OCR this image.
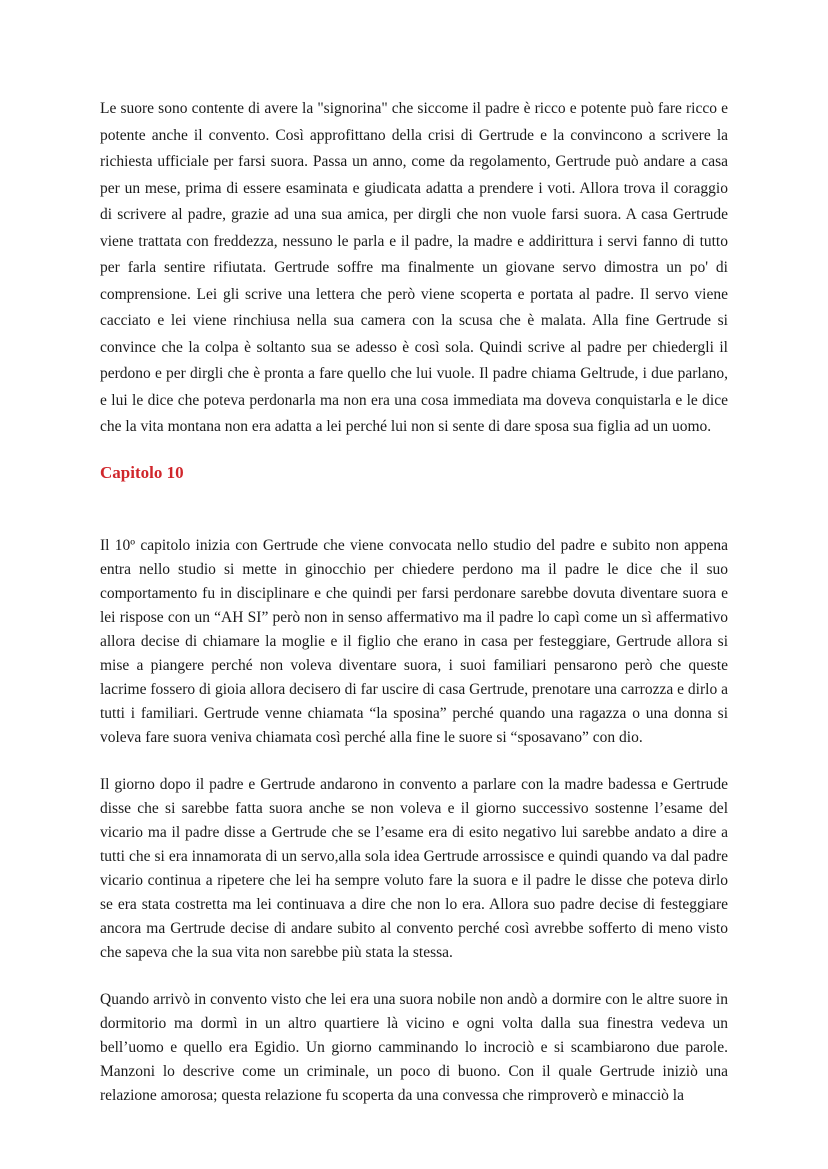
Le suore sono contente di avere la "signorina" che siccome il padre è ricco e potente può fare ricco e potente anche il convento. Così approfittano della crisi di Gertrude e la convincono a scrivere la richiesta ufficiale per farsi suora. Passa un anno, come da regolamento, Gertrude può andare a casa per un mese, prima di essere esaminata e giudicata adatta a prendere i voti. Allora trova il coraggio di scrivere al padre, grazie ad una sua amica, per dirgli che non vuole farsi suora. A casa Gertrude viene trattata con freddezza, nessuno le parla e il padre, la madre e addirittura i servi fanno di tutto per farla sentire rifiutata. Gertrude soffre ma finalmente un giovane servo dimostra un po' di comprensione. Lei gli scrive una lettera che però viene scoperta e portata al padre. Il servo viene cacciato e lei viene rinchiusa nella sua camera con la scusa che è malata. Alla fine Gertrude si convince che la colpa è soltanto sua se adesso è così sola. Quindi scrive al padre per chiedergli il perdono e per dirgli che è pronta a fare quello che lui vuole. Il padre chiama Geltrude, i due parlano, e lui le dice che poteva perdonarla ma non era una cosa immediata ma doveva conquistarla e le dice che la vita montana non era adatta a lei perché lui non si sente di dare sposa sua figlia ad un uomo.

Capitolo 10

Il 10º capitolo inizia con Gertrude che viene convocata nello studio del padre e subito non appena entra nello studio si mette in ginocchio per chiedere perdono ma il padre le dice che il suo comportamento fu in disciplinare e che quindi per farsi perdonare sarebbe dovuta diventare suora e lei rispose con un “AH SI” però non in senso affermativo ma il padre lo capì come un sì affermativo allora decise di chiamare la moglie e il figlio che erano in casa per festeggiare, Gertrude allora si mise a piangere perché non voleva diventare suora, i suoi familiari pensarono però che queste lacrime fossero di gioia allora decisero di far uscire di casa Gertrude, prenotare una carrozza e dirlo a tutti i familiari. Gertrude venne chiamata “la sposina” perché quando una ragazza o una donna si voleva fare suora veniva chiamata così perché alla fine le suore si “sposavano” con dio.

Il giorno dopo il padre e Gertrude andarono in convento a parlare con la madre badessa e Gertrude disse che si sarebbe fatta suora anche se non voleva e il giorno successivo sostenne l’esame del vicario ma il padre disse a Gertrude che se l’esame era di esito negativo lui sarebbe andato a dire a tutti che si era innamorata di un servo,alla sola idea Gertrude arrossisce e quindi quando va dal padre vicario continua a ripetere che lei ha sempre voluto fare la suora e il padre le disse che poteva dirlo se era stata costretta ma lei continuava a dire che non lo era. Allora suo padre decise di festeggiare ancora ma Gertrude decise di andare subito al convento perché così avrebbe sofferto di meno visto che sapeva che la sua vita non sarebbe più stata la stessa.

Quando arrivò in convento visto che lei era una suora nobile non andò a dormire con le altre suore in dormitorio ma dormì in un altro quartiere là vicino e ogni volta dalla sua finestra vedeva un bell’uomo e quello era Egidio. Un giorno camminando lo incrociò e si scambiarono due parole. Manzoni lo descrive come un criminale, un poco di buono. Con il quale Gertrude iniziò una relazione amorosa; questa relazione fu scoperta da una convessa che rimproverò e minacciò la
